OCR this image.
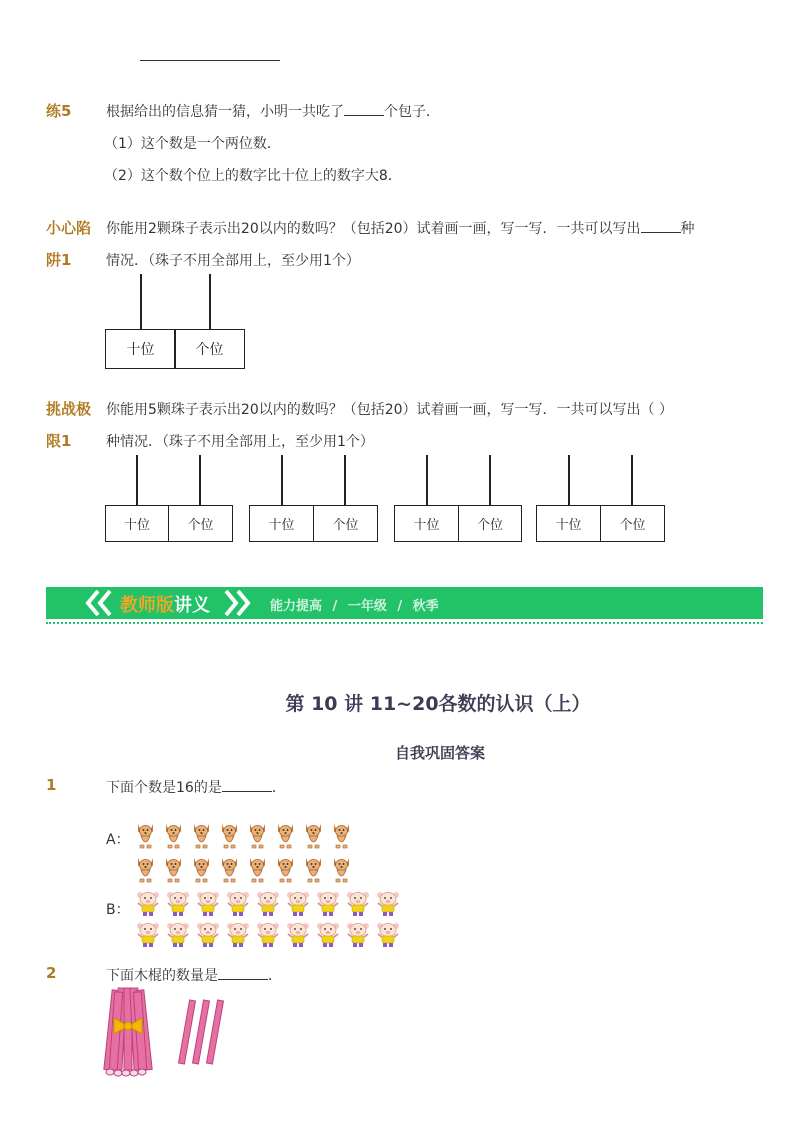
练5 根据给出的信息猜一猜，小明一共吃了	个包子．
（1）这个数是一个两位数．
（2）这个数个位上的数字比十位上的数字大8．
小心陷
阱1
你能用2颗珠子表示出20以内的数吗？（包括20）试着画一画，写一写．一共可以写出	种
情况．（珠子不用全部用上，至少用1个）
十位	个位
挑战极
限1
你能用5颗珠子表示出20以内的数吗？（包括20）试着画一画，写一写．一共可以写出（ ）
种情况．（珠子不用全部用上，至少用1个）
十位	个位	十位	个位	十位	个位	十位	个位
教师版讲义	能力提高 / 一年级 / 秋季
第 10 讲 11~20各数的认识（上）
自我巩固答案
1	下面个数是16的是	．
A：
B：
2	下面木棍的数量是	．
